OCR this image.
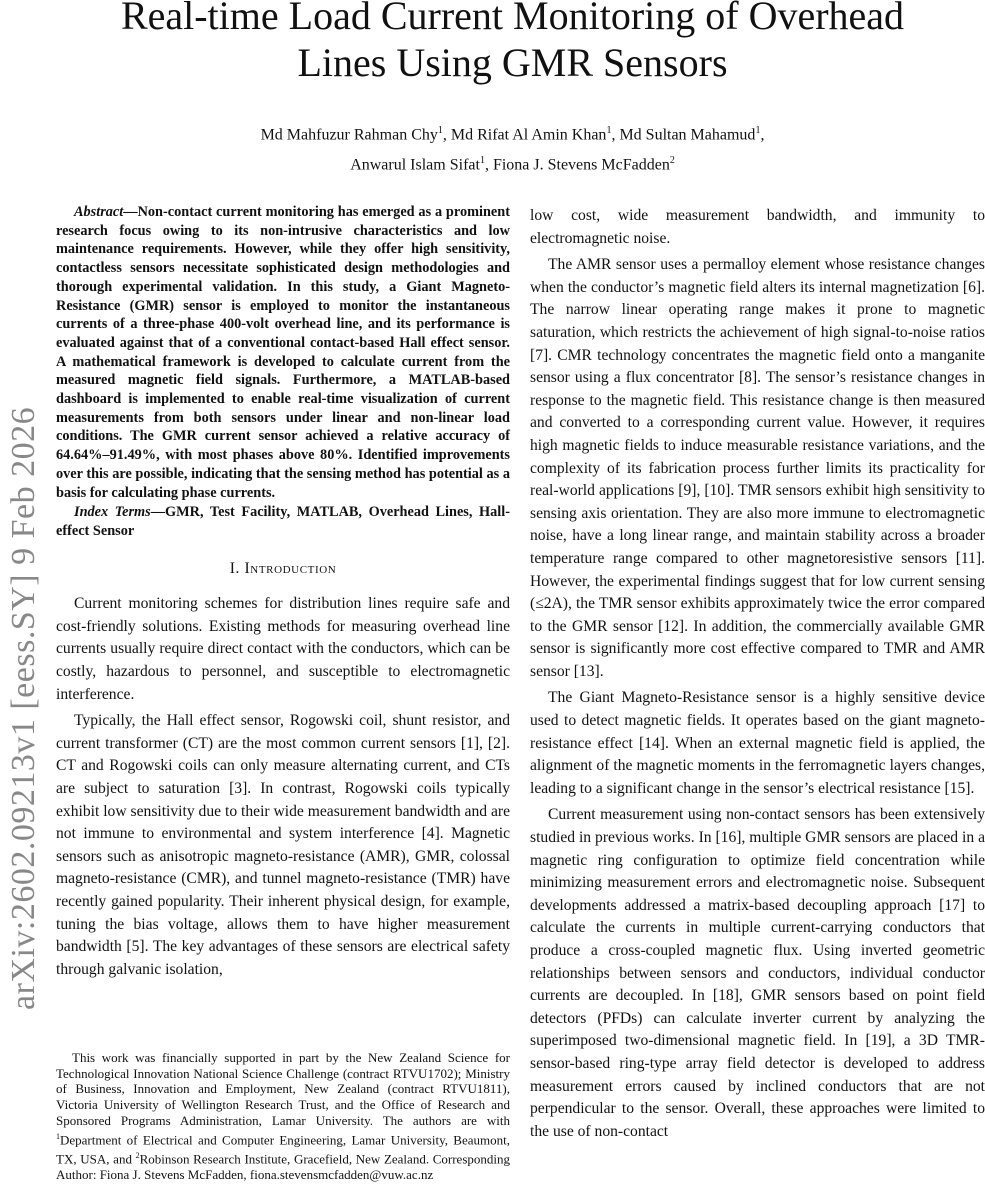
arXiv:2602.09213v1 [eess.SY] 9 Feb 2026
Real-time Load Current Monitoring of Overhead
Lines Using GMR Sensors
Md Mahfuzur Rahman Chy$^1$, Md Rifat Al Amin Khan$^1$, Md Sultan Mahamud$^1$,
Anwarul Islam Sifat$^1$, Fiona J. Stevens McFadden$^2$

Abstract—Non-contact current monitoring has emerged as a prominent research focus owing to its non-intrusive characteristics and low maintenance requirements. However, while they offer high sensitivity, contactless sensors necessitate sophisticated design methodologies and thorough experimental validation. In this study, a Giant Magneto-Resistance (GMR) sensor is employed to monitor the instantaneous currents of a three-phase 400-volt overhead line, and its performance is evaluated against that of a conventional contact-based Hall effect sensor. A mathematical framework is developed to calculate current from the measured magnetic field signals. Furthermore, a MATLAB-based dashboard is implemented to enable real-time visualization of current measurements from both sensors under linear and non-linear load conditions. The GMR current sensor achieved a relative accuracy of 64.64%–91.49%, with most phases above 80%. Identified improvements over this are possible, indicating that the sensing method has potential as a basis for calculating phase currents.

Index Terms—GMR, Test Facility, MATLAB, Overhead Lines, Hall-effect Sensor

I. Introduction

Current monitoring schemes for distribution lines require safe and cost-friendly solutions. Existing methods for measuring overhead line currents usually require direct contact with the conductors, which can be costly, hazardous to personnel, and susceptible to electromagnetic interference.

Typically, the Hall effect sensor, Rogowski coil, shunt resistor, and current transformer (CT) are the most common current sensors [1], [2]. CT and Rogowski coils can only measure alternating current, and CTs are subject to saturation [3]. In contrast, Rogowski coils typically exhibit low sensitivity due to their wide measurement bandwidth and are not immune to environmental and system interference [4]. Magnetic sensors such as anisotropic magneto-resistance (AMR), GMR, colossal magneto-resistance (CMR), and tunnel magneto-resistance (TMR) have recently gained popularity. Their inherent physical design, for example, tuning the bias voltage, allows them to have higher measurement bandwidth [5]. The key advantages of these sensors are electrical safety through galvanic isolation,

This work was financially supported in part by the New Zealand Science for Technological Innovation National Science Challenge (contract RTVU1702); Ministry of Business, Innovation and Employment, New Zealand (contract RTVU1811), Victoria University of Wellington Research Trust, and the Office of Research and Sponsored Programs Administration, Lamar University. The authors are with $^1$Department of Electrical and Computer Engineering, Lamar University, Beaumont, TX, USA, and $^2$Robinson Research Institute, Gracefield, New Zealand. Corresponding Author: Fiona J. Stevens McFadden, fiona.stevensmcfadden@vuw.ac.nz

low cost, wide measurement bandwidth, and immunity to electromagnetic noise.

The AMR sensor uses a permalloy element whose resistance changes when the conductor’s magnetic field alters its internal magnetization [6]. The narrow linear operating range makes it prone to magnetic saturation, which restricts the achievement of high signal-to-noise ratios [7]. CMR technology concentrates the magnetic field onto a manganite sensor using a flux concentrator [8]. The sensor’s resistance changes in response to the magnetic field. This resistance change is then measured and converted to a corresponding current value. However, it requires high magnetic fields to induce measurable resistance variations, and the complexity of its fabrication process further limits its practicality for real-world applications [9], [10]. TMR sensors exhibit high sensitivity to sensing axis orientation. They are also more immune to electromagnetic noise, have a long linear range, and maintain stability across a broader temperature range compared to other magnetoresistive sensors [11]. However, the experimental findings suggest that for low current sensing (≤2A), the TMR sensor exhibits approximately twice the error compared to the GMR sensor [12]. In addition, the commercially available GMR sensor is significantly more cost effective compared to TMR and AMR sensor [13].

The Giant Magneto-Resistance sensor is a highly sensitive device used to detect magnetic fields. It operates based on the giant magneto-resistance effect [14]. When an external magnetic field is applied, the alignment of the magnetic moments in the ferromagnetic layers changes, leading to a significant change in the sensor’s electrical resistance [15].

Current measurement using non-contact sensors has been extensively studied in previous works. In [16], multiple GMR sensors are placed in a magnetic ring configuration to optimize field concentration while minimizing measurement errors and electromagnetic noise. Subsequent developments addressed a matrix-based decoupling approach [17] to calculate the currents in multiple current-carrying conductors that produce a cross-coupled magnetic flux. Using inverted geometric relationships between sensors and conductors, individual conductor currents are decoupled. In [18], GMR sensors based on point field detectors (PFDs) can calculate inverter current by analyzing the superimposed two-dimensional magnetic field. In [19], a 3D TMR-sensor-based ring-type array field detector is developed to address measurement errors caused by inclined conductors that are not perpendicular to the sensor. Overall, these approaches were limited to the use of non-contact
